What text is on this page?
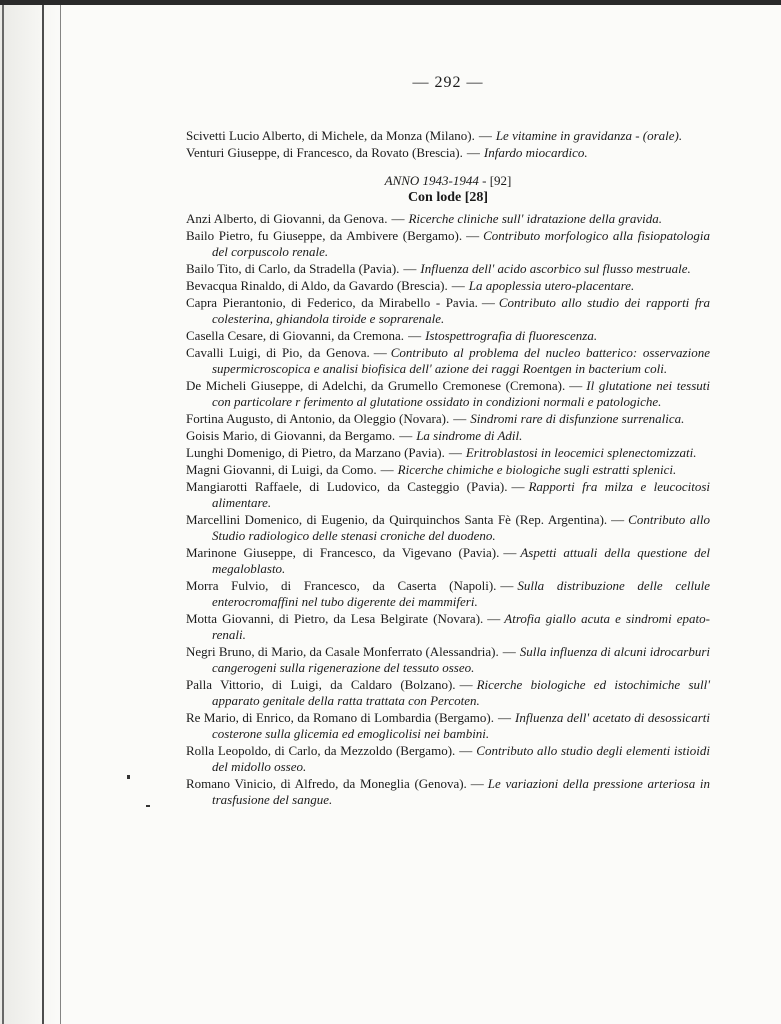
— 292 —

Scivetti Lucio Alberto, di Michele, da Monza (Milano). — Le vitamine in gravidanza - (orale).

Venturi Giuseppe, di Francesco, da Rovato (Brescia). — Infardo miocardico.

ANNO 1943-1944 - [92]
Con lode [28]

Anzi Alberto, di Giovanni, da Genova. — Ricerche cliniche sull' idratazione della gravida.

Bailo Pietro, fu Giuseppe, da Ambivere (Bergamo). — Contributo morfologico alla fisiopatologia del corpuscolo renale.

Bailo Tito, di Carlo, da Stradella (Pavia). — Influenza dell' acido ascorbico sul flusso mestruale.

Bevacqua Rinaldo, di Aldo, da Gavardo (Brescia). — La apoplessia utero-placentare.

Capra Pierantonio, di Federico, da Mirabello - Pavia. — Contributo allo studio dei rapporti fra colesterina, ghiandola tiroide e soprarenale.

Casella Cesare, di Giovanni, da Cremona. — Istospettrografia di fluorescenza.

Cavalli Luigi, di Pio, da Genova. — Contributo al problema del nucleo batterico: osservazione supermicroscopica e analisi biofisica dell' azione dei raggi Roentgen in bacterium coli.

De Micheli Giuseppe, di Adelchi, da Grumello Cremonese (Cremona). — Il glutatione nei tessuti con particolare r ferimento al glutatione ossidato in condizioni normali e patologiche.

Fortina Augusto, di Antonio, da Oleggio (Novara). — Sindromi rare di disfunzione surrenalica.

Goisis Mario, di Giovanni, da Bergamo. — La sindrome di Adil.

Lunghi Domenigo, di Pietro, da Marzano (Pavia). — Eritroblastosi in leocemici splenectomizzati.

Magni Giovanni, di Luigi, da Como. — Ricerche chimiche e biologiche sugli estratti splenici.

Mangiarotti Raffaele, di Ludovico, da Casteggio (Pavia). — Rapporti fra milza e leucocitosi alimentare.

Marcellini Domenico, di Eugenio, da Quirquinchos Santa Fè (Rep. Argentina). — Contributo allo Studio radiologico delle stenasi croniche del duodeno.

Marinone Giuseppe, di Francesco, da Vigevano (Pavia). — Aspetti attuali della questione del megaloblasto.

Morra Fulvio, di Francesco, da Caserta (Napoli). — Sulla distribuzione delle cellule enterocromaffini nel tubo digerente dei mammiferi.

Motta Giovanni, di Pietro, da Lesa Belgirate (Novara). — Atrofia giallo acuta e sindromi epato-renali.

Negri Bruno, di Mario, da Casale Monferrato (Alessandria). — Sulla influenza di alcuni idrocarburi cangerogeni sulla rigenerazione del tessuto osseo.

Palla Vittorio, di Luigi, da Caldaro (Bolzano). — Ricerche biologiche ed istochimiche sull' apparato genitale della ratta trattata con Percoten.

Re Mario, di Enrico, da Romano di Lombardia (Bergamo). — Influenza dell' acetato di desossicarti costerone sulla glicemia ed emoglicolisi nei bambini.

Rolla Leopoldo, di Carlo, da Mezzoldo (Bergamo). — Contributo allo studio degli elementi istioidi del midollo osseo.

Romano Vinicio, di Alfredo, da Moneglia (Genova). — Le variazioni della pressione arteriosa in trasfusione del sangue.
